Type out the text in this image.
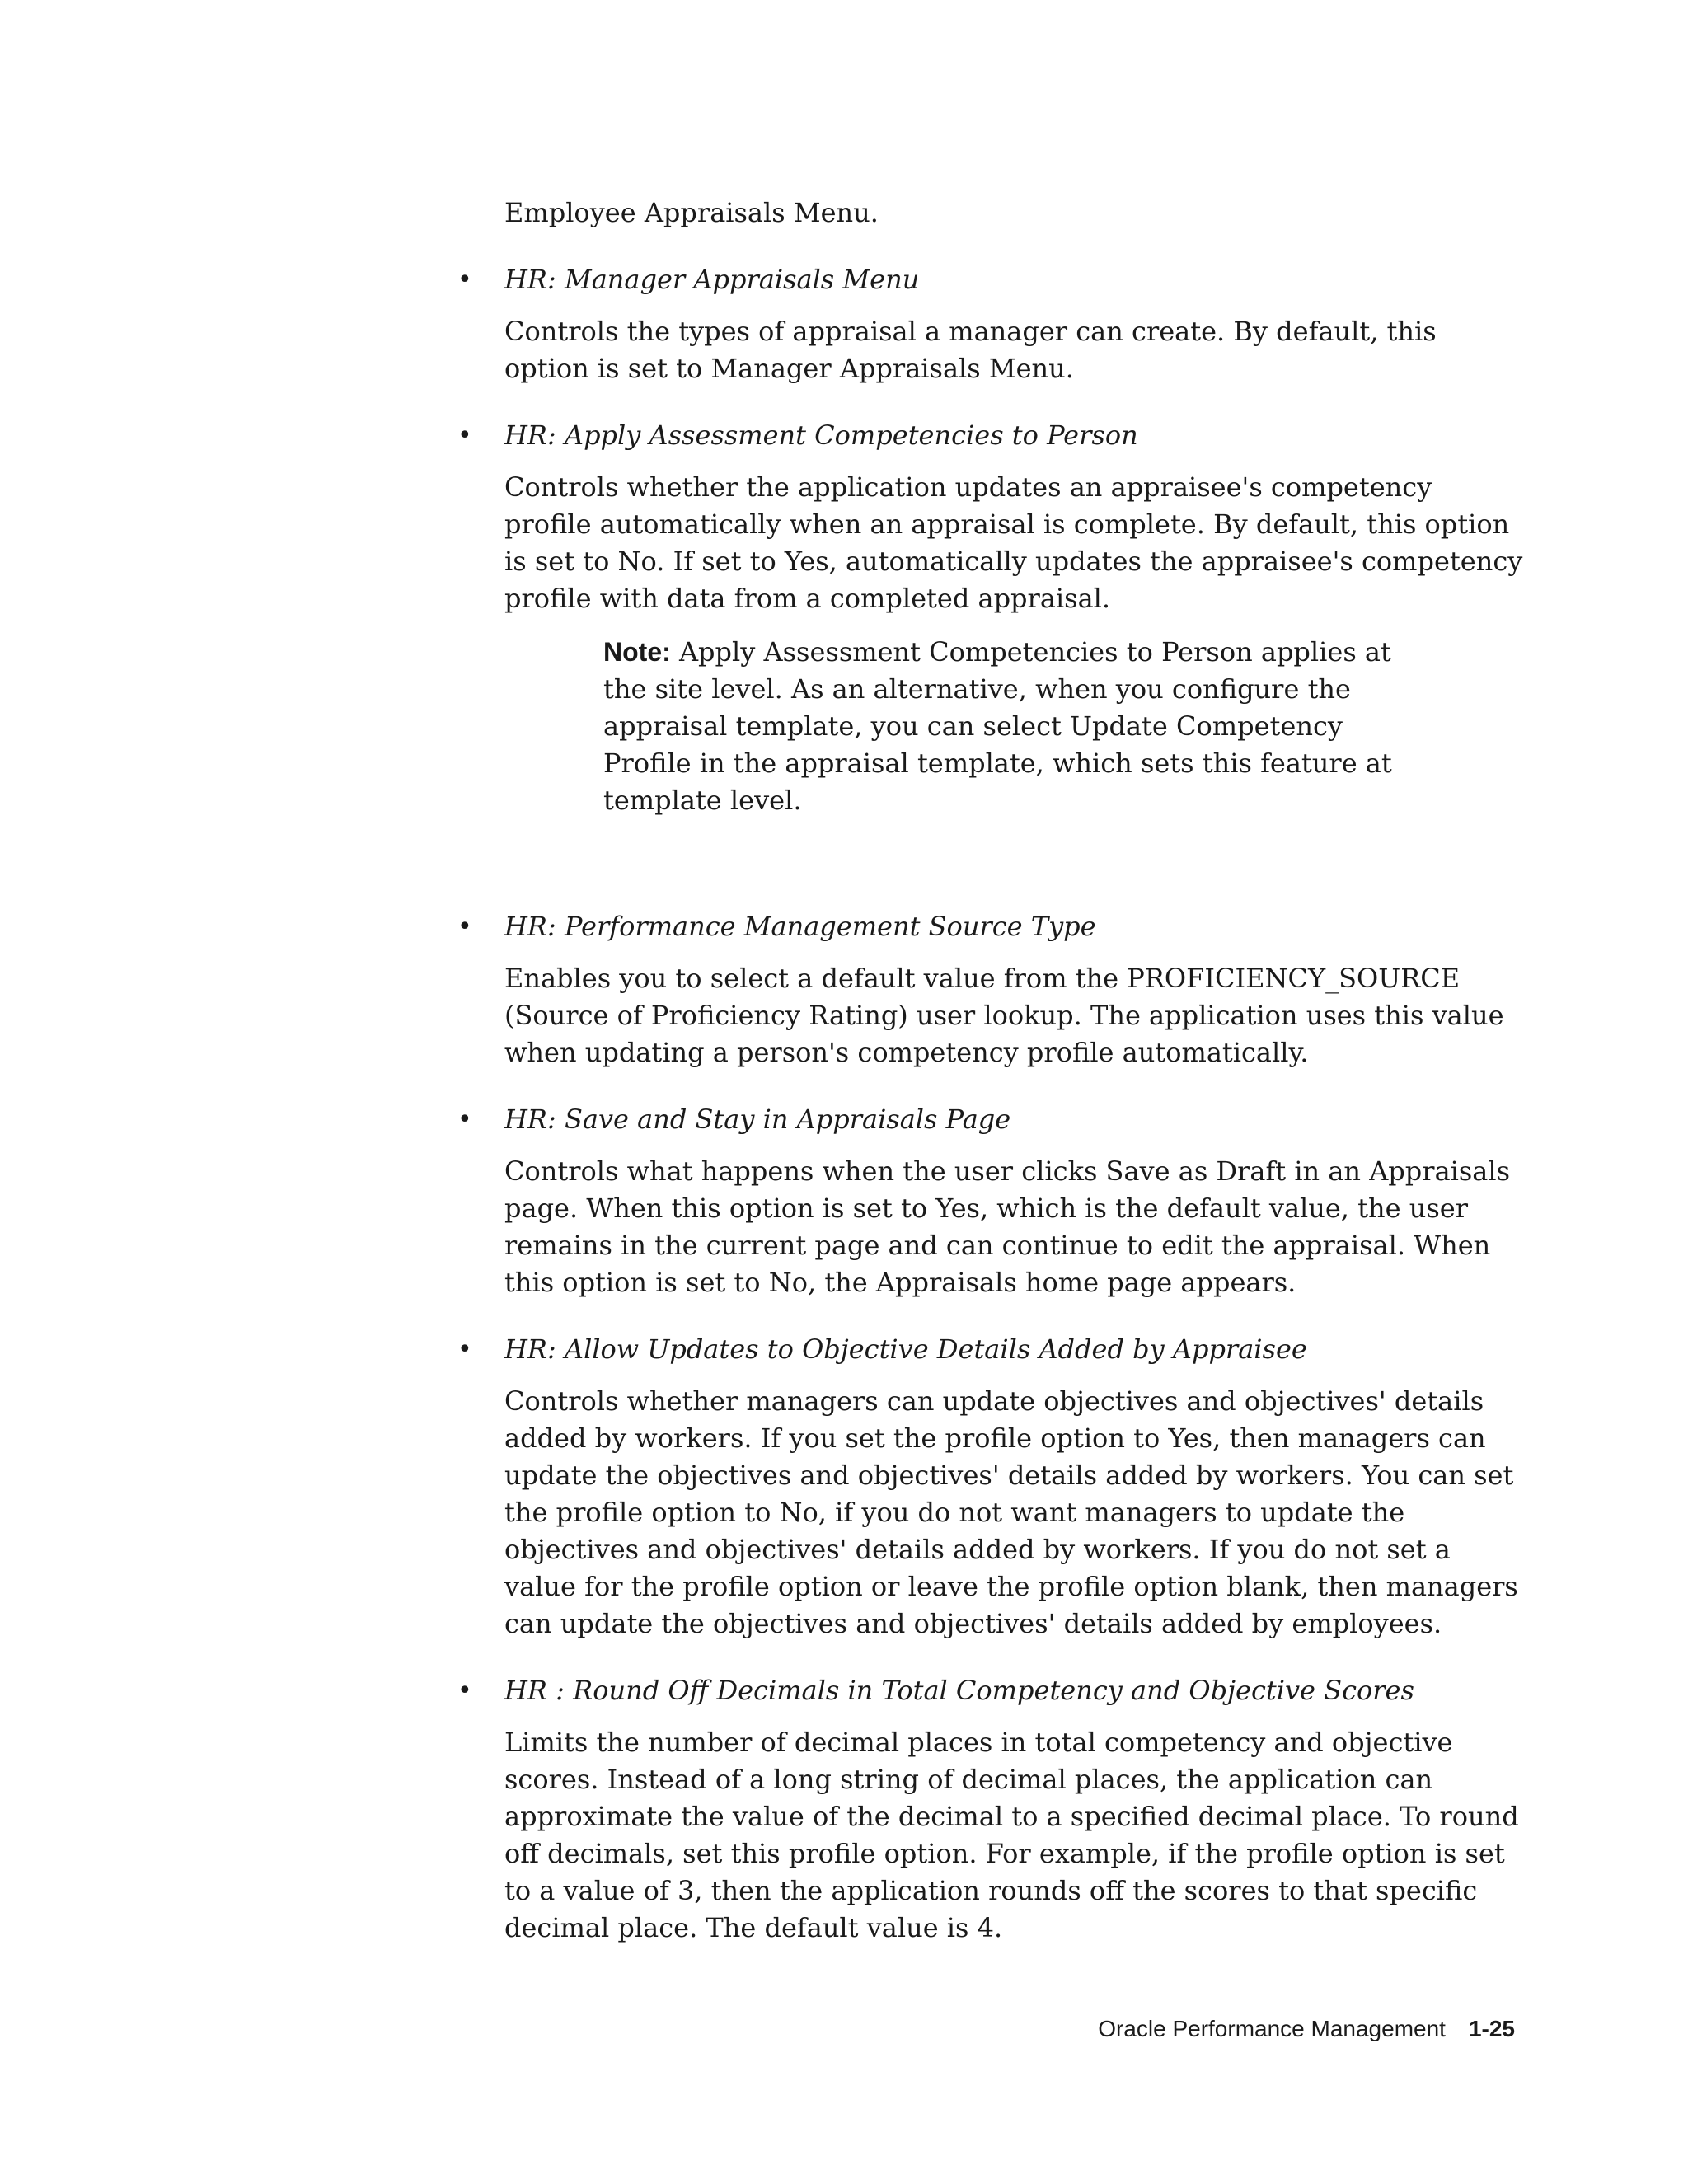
Employee Appraisals Menu.

• HR: Manager Appraisals Menu

Controls the types of appraisal a manager can create. By default, this option is set to Manager Appraisals Menu.

• HR: Apply Assessment Competencies to Person

Controls whether the application updates an appraisee's competency profile automatically when an appraisal is complete. By default, this option is set to No. If set to Yes, automatically updates the appraisee's competency profile with data from a completed appraisal.

Note: Apply Assessment Competencies to Person applies at the site level. As an alternative, when you configure the appraisal template, you can select Update Competency Profile in the appraisal template, which sets this feature at template level.

• HR: Performance Management Source Type

Enables you to select a default value from the PROFICIENCY_SOURCE (Source of Proficiency Rating) user lookup. The application uses this value when updating a person's competency profile automatically.

• HR: Save and Stay in Appraisals Page

Controls what happens when the user clicks Save as Draft in an Appraisals page. When this option is set to Yes, which is the default value, the user remains in the current page and can continue to edit the appraisal. When this option is set to No, the Appraisals home page appears.

• HR: Allow Updates to Objective Details Added by Appraisee

Controls whether managers can update objectives and objectives' details added by workers. If you set the profile option to Yes, then managers can update the objectives and objectives' details added by workers. You can set the profile option to No, if you do not want managers to update the objectives and objectives' details added by workers. If you do not set a value for the profile option or leave the profile option blank, then managers can update the objectives and objectives' details added by employees.

• HR : Round Off Decimals in Total Competency and Objective Scores

Limits the number of decimal places in total competency and objective scores. Instead of a long string of decimal places, the application can approximate the value of the decimal to a specified decimal place. To round off decimals, set this profile option. For example, if the profile option is set to a value of 3, then the application rounds off the scores to that specific decimal place. The default value is 4.

Oracle Performance Management 1-25
